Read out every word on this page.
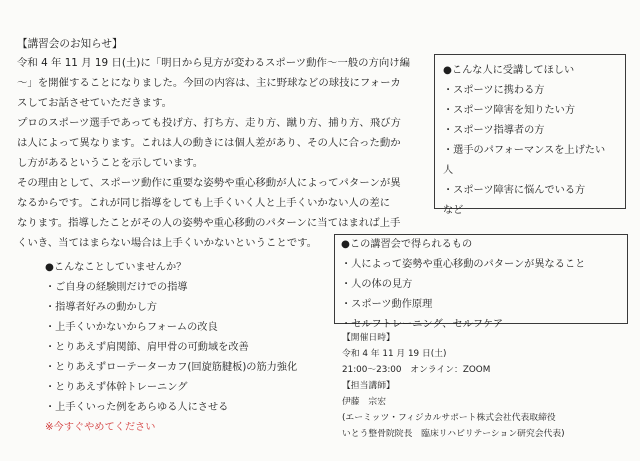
【講習会のお知らせ】
令和 4 年 11 月 19 日(土)に「明日から見方が変わるスポーツ動作〜一般の方向け編
〜」を開催することになりました。今回の内容は、主に野球などの球技にフォーカ
スしてお話させていただきます。
プロのスポーツ選手であっても投げ方、打ち方、走り方、蹴り方、捕り方、飛び方
は人によって異なります。これは人の動きには個人差があり、その人に合った動か
し方があるということを示しています。
その理由として、スポーツ動作に重要な姿勢や重心移動が人によってパターンが異
なるからです。これが同じ指導をしても上手くいく人と上手くいかない人の差に
なります。指導したことがその人の姿勢や重心移動のパターンに当てはまれば上手
くいき、当てはまらない場合は上手くいかないということです。
●こんな人に受講してほしい
・スポーツに携わる方
・スポーツ障害を知りたい方
・スポーツ指導者の方
・選手のパフォーマンスを上げたい
人
・スポーツ障害に悩んでいる方
など
●この講習会で得られるもの
・人によって姿勢や重心移動のパターンが異なること
・人の体の見方
・スポーツ動作原理
・セルフトレーニング、セルフケア
●こんなことしていませんか？
・ご自身の経験則だけでの指導
・指導者好みの動かし方
・上手くいかないからフォームの改良
・とりあえず肩関節、肩甲骨の可動域を改善
・とりあえずローテーターカフ(回旋筋腱板)の筋力強化
・とりあえず体幹トレーニング
・上手くいった例をあらゆる人にさせる
※今すぐやめてください
【開催日時】
令和 4 年 11 月 19 日(土)
21:00〜23:00　オンライン：ZOOM
【担当講師】
伊藤　宗宏
(エーミッツ・フィジカルサポート株式会社代表取締役
いとう整骨院院長　臨床リハビリテーション研究会代表)
